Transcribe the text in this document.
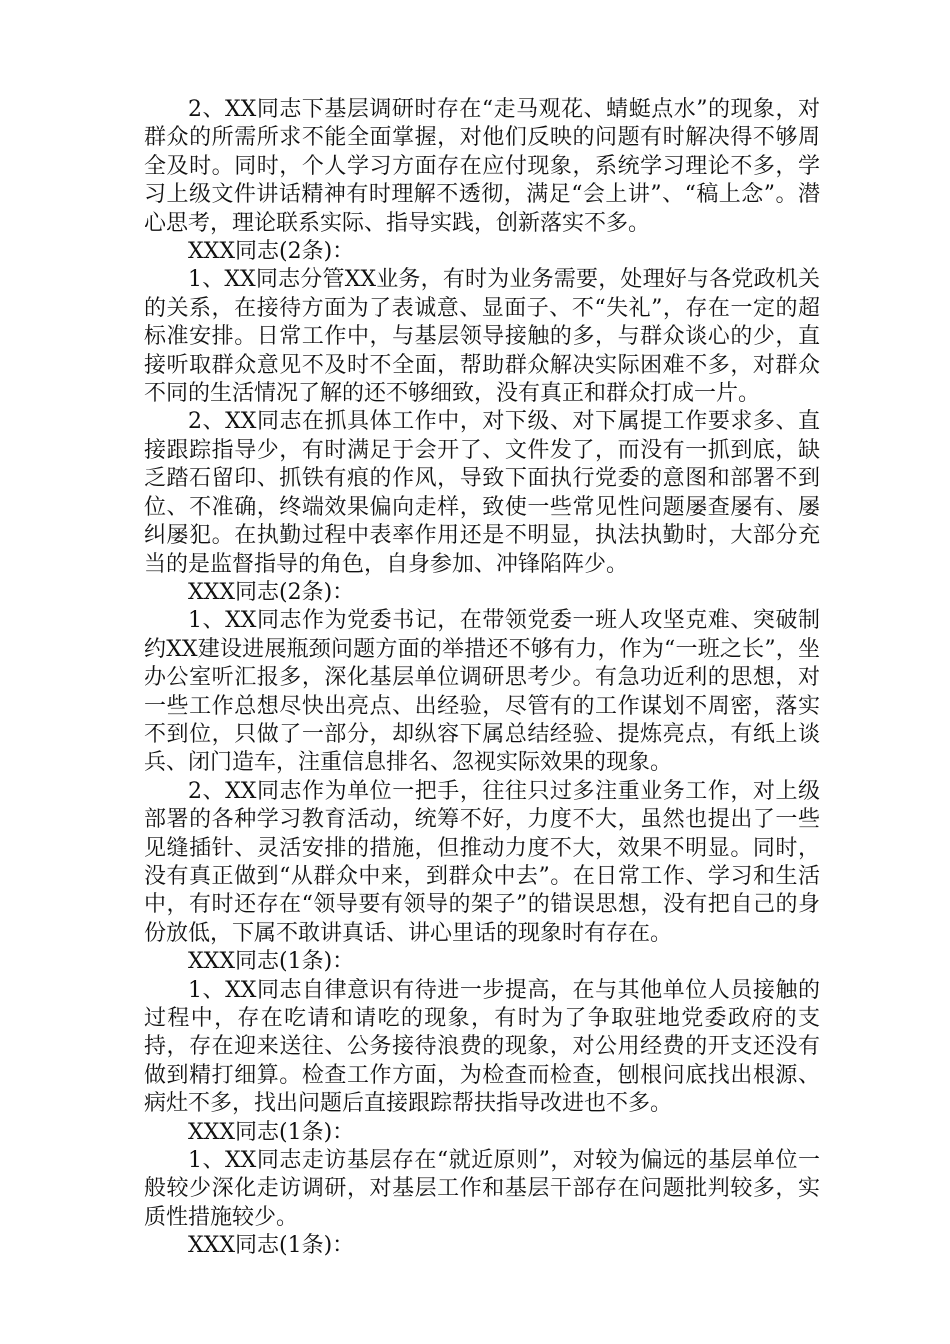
2、XX同志下基层调研时存在“走马观花、蜻蜓点水”的现象，对群众的所需所求不能全面掌握，对他们反映的问题有时解决得不够周全及时。同时，个人学习方面存在应付现象，系统学习理论不多，学习上级文件讲话精神有时理解不透彻，满足“会上讲”、“稿上念”。潜心思考，理论联系实际、指导实践，创新落实不多。

XXX同志(2条)：

1、XX同志分管XX业务，有时为业务需要，处理好与各党政机关的关系，在接待方面为了表诚意、显面子、不“失礼”，存在一定的超标准安排。日常工作中，与基层领导接触的多，与群众谈心的少，直接听取群众意见不及时不全面，帮助群众解决实际困难不多，对群众不同的生活情况了解的还不够细致，没有真正和群众打成一片。

2、XX同志在抓具体工作中，对下级、对下属提工作要求多、直接跟踪指导少，有时满足于会开了、文件发了，而没有一抓到底，缺乏踏石留印、抓铁有痕的作风，导致下面执行党委的意图和部署不到位、不准确，终端效果偏向走样，致使一些常见性问题屡查屡有、屡纠屡犯。在执勤过程中表率作用还是不明显，执法执勤时，大部分充当的是监督指导的角色，自身参加、冲锋陷阵少。

XXX同志(2条)：

1、XX同志作为党委书记，在带领党委一班人攻坚克难、突破制约XX建设进展瓶颈问题方面的举措还不够有力，作为“一班之长”，坐办公室听汇报多，深化基层单位调研思考少。有急功近利的思想，对一些工作总想尽快出亮点、出经验，尽管有的工作谋划不周密，落实不到位，只做了一部分，却纵容下属总结经验、提炼亮点，有纸上谈兵、闭门造车，注重信息排名、忽视实际效果的现象。

2、XX同志作为单位一把手，往往只过多注重业务工作，对上级部署的各种学习教育活动，统筹不好，力度不大，虽然也提出了一些见缝插针、灵活安排的措施，但推动力度不大，效果不明显。同时，没有真正做到“从群众中来，到群众中去”。在日常工作、学习和生活中，有时还存在“领导要有领导的架子”的错误思想，没有把自己的身份放低，下属不敢讲真话、讲心里话的现象时有存在。

XXX同志(1条)：

1、XX同志自律意识有待进一步提高，在与其他单位人员接触的过程中，存在吃请和请吃的现象，有时为了争取驻地党委政府的支持，存在迎来送往、公务接待浪费的现象，对公用经费的开支还没有做到精打细算。检查工作方面，为检查而检查，刨根问底找出根源、病灶不多，找出问题后直接跟踪帮扶指导改进也不多。

XXX同志(1条)：

1、XX同志走访基层存在“就近原则”，对较为偏远的基层单位一般较少深化走访调研，对基层工作和基层干部存在问题批判较多，实质性措施较少。

XXX同志(1条)：
